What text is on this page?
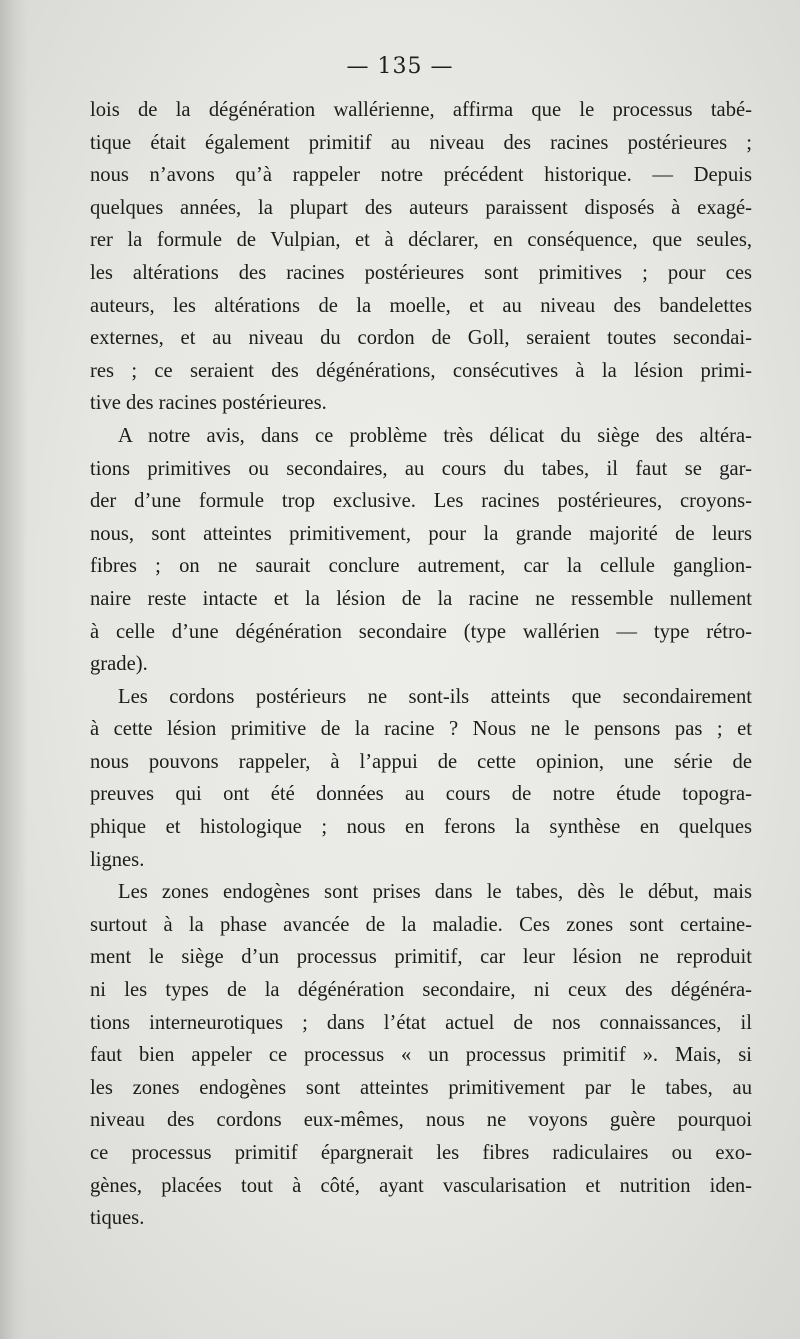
— 135 —
lois de la dégénération wallérienne, affirma que le processus tabé-
tique était également primitif au niveau des racines postérieures ;
nous n’avons qu’à rappeler notre précédent historique. — Depuis
quelques années, la plupart des auteurs paraissent disposés à exagé-
rer la formule de Vulpian, et à déclarer, en conséquence, que seules,
les altérations des racines postérieures sont primitives ; pour ces
auteurs, les altérations de la moelle, et au niveau des bandelettes
externes, et au niveau du cordon de Goll, seraient toutes secondai-
res ; ce seraient des dégénérations, consécutives à la lésion primi-
tive des racines postérieures.
A notre avis, dans ce problème très délicat du siège des altéra-
tions primitives ou secondaires, au cours du tabes, il faut se gar-
der d’une formule trop exclusive. Les racines postérieures, croyons-
nous, sont atteintes primitivement, pour la grande majorité de leurs
fibres ; on ne saurait conclure autrement, car la cellule ganglion-
naire reste intacte et la lésion de la racine ne ressemble nullement
à celle d’une dégénération secondaire (type wallérien — type rétro-
grade).
Les cordons postérieurs ne sont-ils atteints que secondairement
à cette lésion primitive de la racine ? Nous ne le pensons pas ; et
nous pouvons rappeler, à l’appui de cette opinion, une série de
preuves qui ont été données au cours de notre étude topogra-
phique et histologique ; nous en ferons la synthèse en quelques
lignes.
Les zones endogènes sont prises dans le tabes, dès le début, mais
surtout à la phase avancée de la maladie. Ces zones sont certaine-
ment le siège d’un processus primitif, car leur lésion ne reproduit
ni les types de la dégénération secondaire, ni ceux des dégénéra-
tions interneurotiques ; dans l’état actuel de nos connaissances, il
faut bien appeler ce processus « un processus primitif ». Mais, si
les zones endogènes sont atteintes primitivement par le tabes, au
niveau des cordons eux-mêmes, nous ne voyons guère pourquoi
ce processus primitif épargnerait les fibres radiculaires ou exo-
gènes, placées tout à côté, ayant vascularisation et nutrition iden-
tiques.
